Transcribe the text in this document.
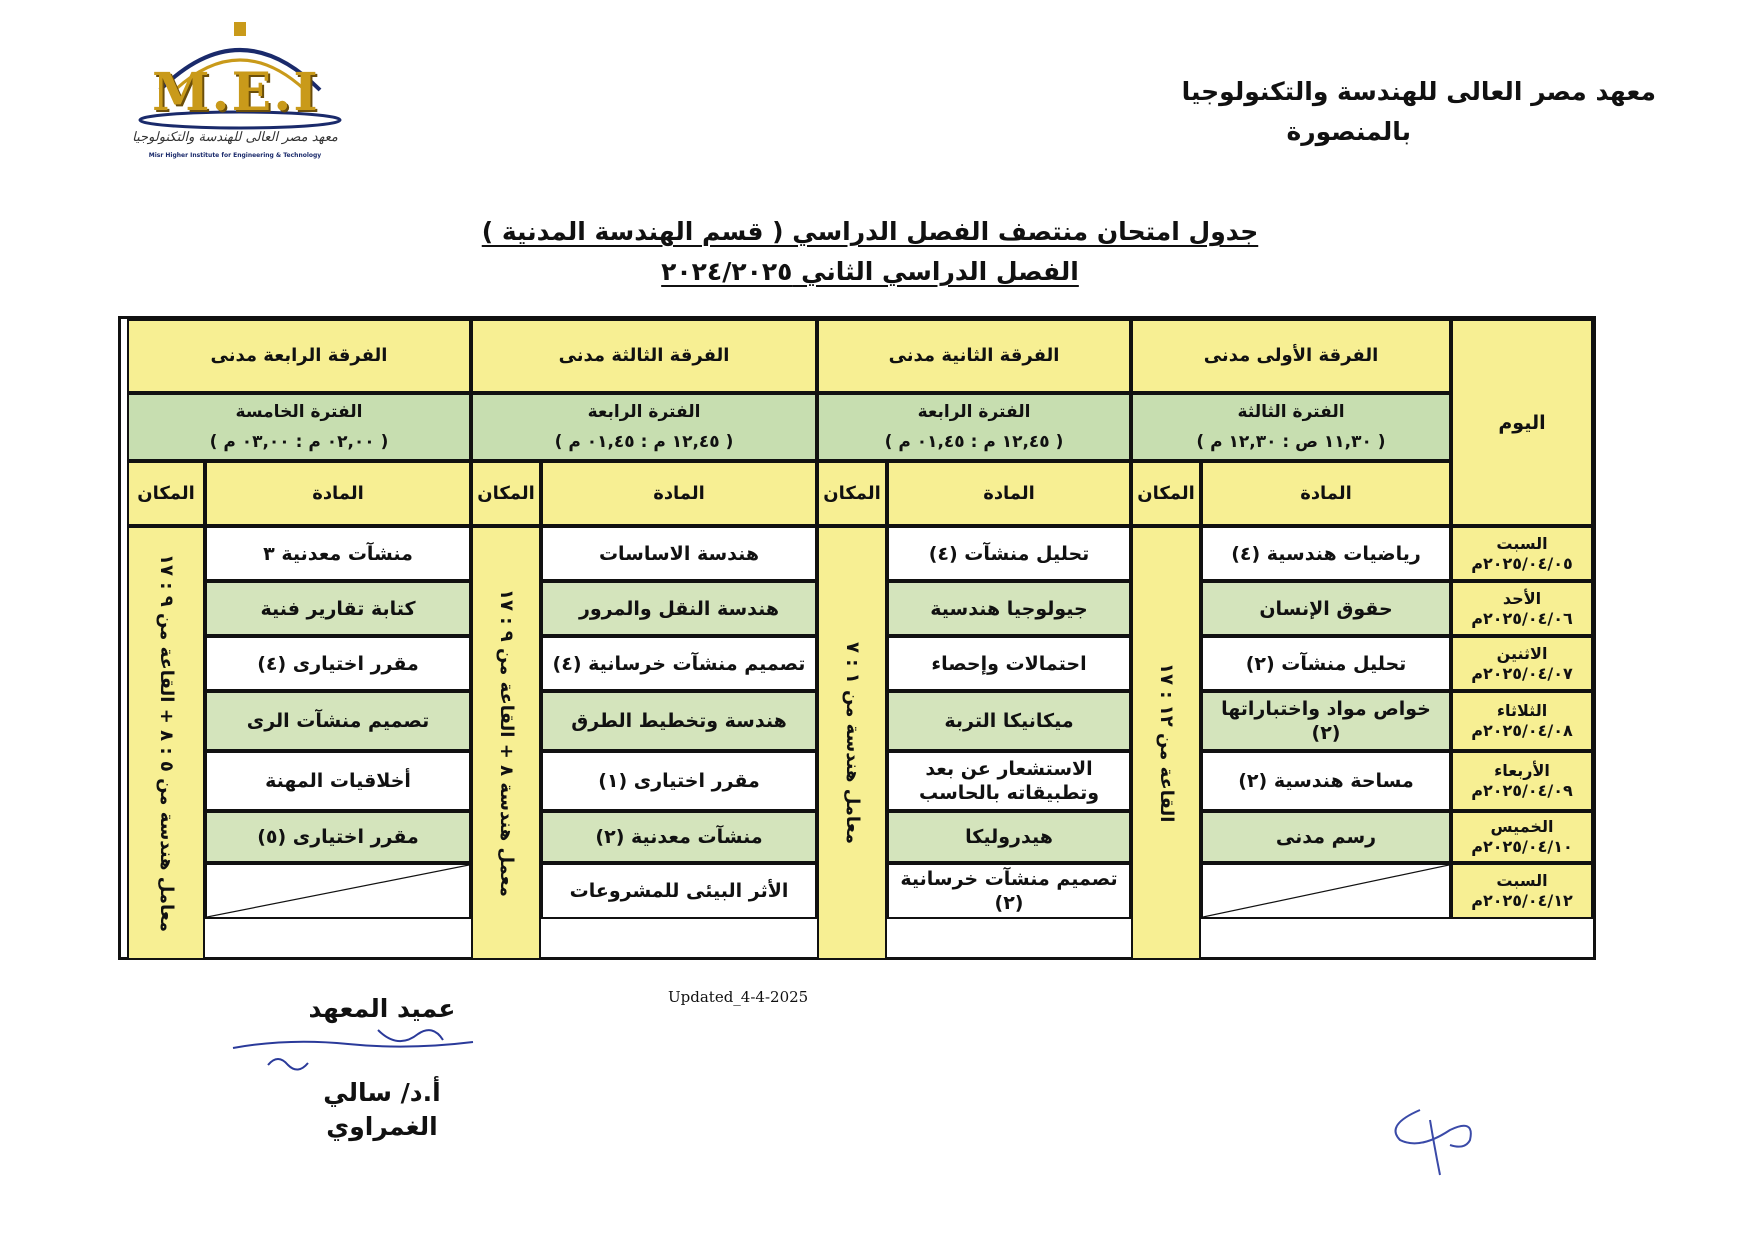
M.E.I
معهد مصر العالى للهندسة والتكنولوجيا
Misr Higher Institute for Engineering & Technology
معهد مصر العالى للهندسة والتكنولوجيا
بالمنصورة
جدول امتحان منتصف الفصل الدراسي ( قسم الهندسة المدنية )
الفصل الدراسي الثاني ٢٠٢٤/٢٠٢٥
اليوم
السبت
٢٠٢٥/٠٤/٠٥م
الأحد
٢٠٢٥/٠٤/٠٦م
الاثنين
٢٠٢٥/٠٤/٠٧م
الثلاثاء
٢٠٢٥/٠٤/٠٨م
الأربعاء
٢٠٢٥/٠٤/٠٩م
الخميس
٢٠٢٥/٠٤/١٠م
السبت
٢٠٢٥/٠٤/١٢م
الفرقة الأولى مدنى
الفترة الثالثة
( ١١,٣٠ ص : ١٢,٣٠ م )
المادة
المكان
القاعة من ١٢ : ١٧
رياضيات هندسية (٤)
حقوق الإنسان
تحليل منشآت (٢)
خواص مواد واختباراتها (٢)
مساحة هندسية (٢)
رسم مدنى
الفرقة الثانية مدنى
الفترة الرابعة
( ١٢,٤٥ م : ٠١,٤٥ م )
المادة
المكان
معامل هندسة من ١ : ٧
تحليل منشآت (٤)
جيولوجيا هندسية
احتمالات وإحصاء
ميكانيكا التربة
الاستشعار عن بعد وتطبيقاته بالحاسب
هيدروليكا
تصميم منشآت خرسانية (٢)
الفرقة الثالثة مدنى
الفترة الرابعة
( ١٢,٤٥ م : ٠١,٤٥ م )
المادة
المكان
معمل هندسة ٨ + القاعة من ٩ : ١٧
هندسة الاساسات
هندسة النقل والمرور
تصميم منشآت خرسانية (٤)
هندسة وتخطيط الطرق
مقرر اختيارى (١)
منشآت معدنية (٢)
الأثر البيئى للمشروعات
الفرقة الرابعة مدنى
الفترة الخامسة
( ٠٢,٠٠ م : ٠٣,٠٠ م )
المادة
المكان
معامل هندسة من ٥ : ٨ + القاعة من ٩ : ١٧
منشآت معدنية ٣
كتابة تقارير فنية
مقرر اختيارى (٤)
تصميم منشآت الرى
أخلاقيات المهنة
مقرر اختيارى (٥)
Updated_4-4-2025
عميد المعهد
أ.د/ سالي الغمراوي
